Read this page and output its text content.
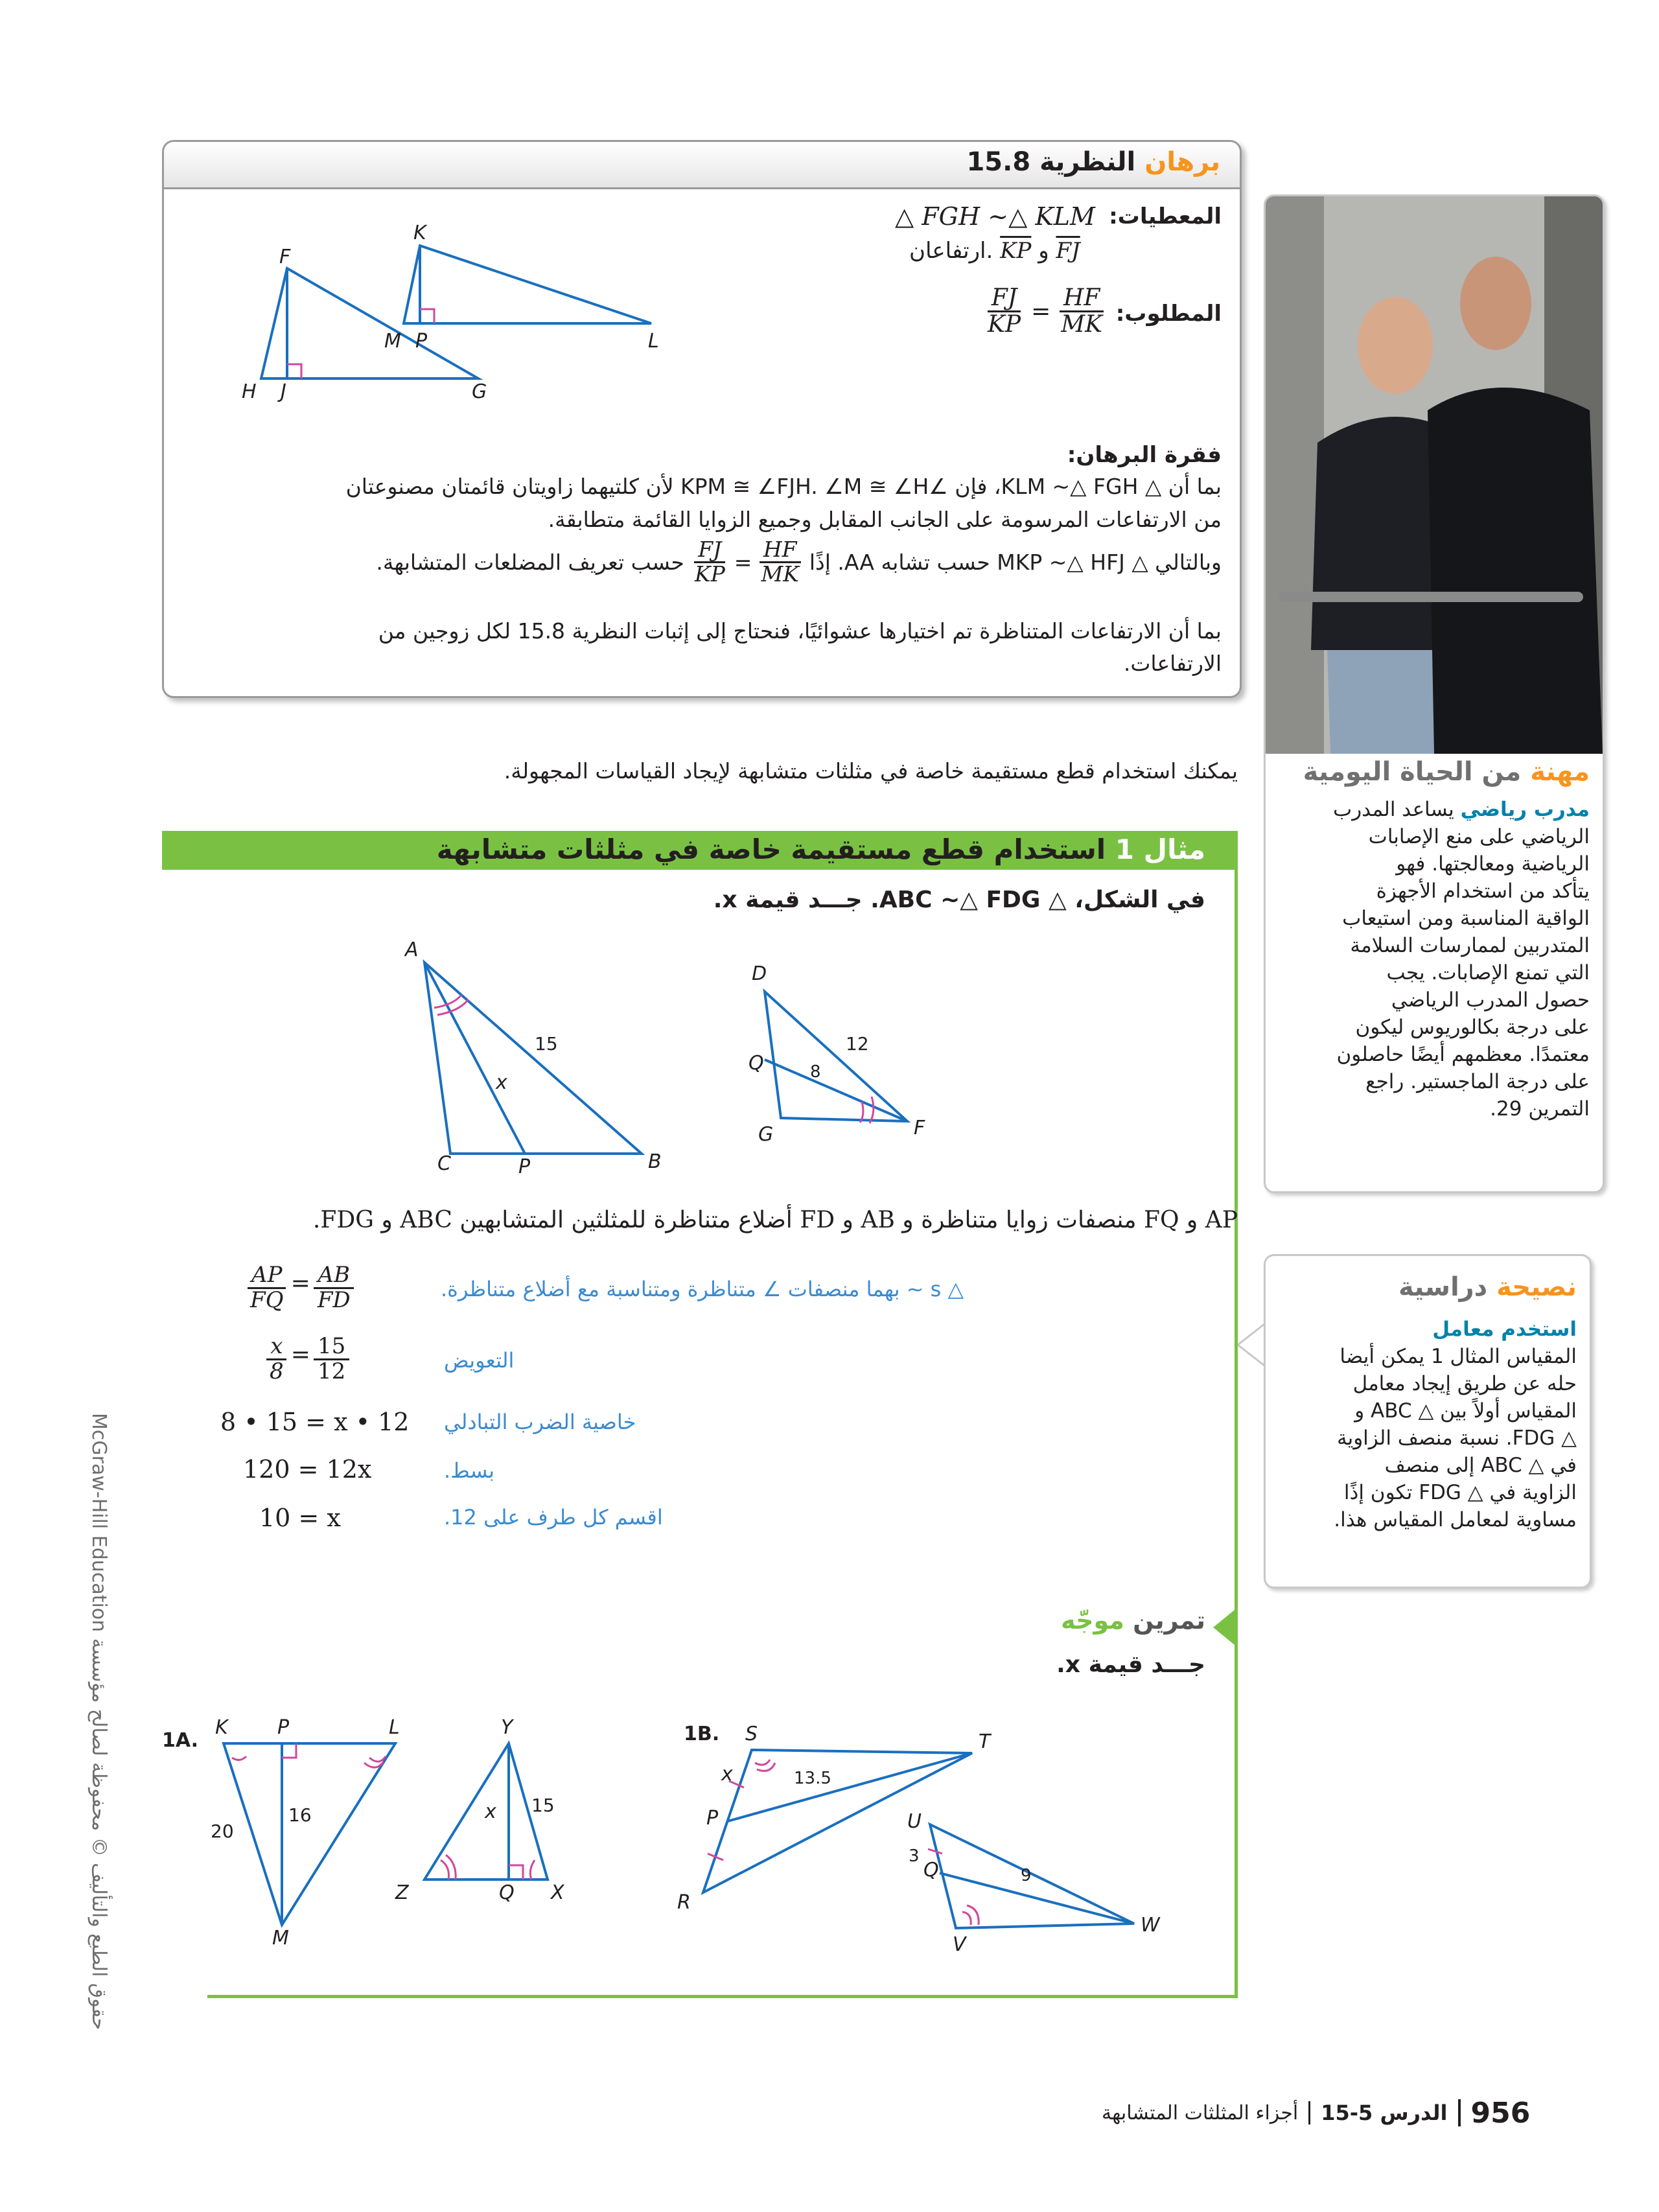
برهان النظرية 15.8
المعطيات:
△ FGH ~△ KLM
ارتفاعان. $\overline{KP}$ و $\overline{FJ}$
المطلوب:
$\frac{FJ}{KP} = \frac{HF}{MK}$
F
H J	G
K
M P	L
فقرة البرهان:
بما أن △ KLM ~△ FGH، فإن ∠KPM ≅ ∠FJH. ∠M ≅ ∠H لأن كلتيهما زاويتان قائمتان مصنوعتان
من الارتفاعات المرسومة على الجانب المقابل وجميع الزوايا القائمة متطابقة.
وبالتالي △ MKP ~△ HFJ حسب تشابه AA. إذًا
$\frac{FJ}{KP} = \frac{HF}{MK}$
حسب تعريف المضلعات المتشابهة.
بما أن الارتفاعات المتناظرة تم اختيارها عشوائيًا، فنحتاج إلى إثبات النظرية 15.8 لكل زوجين من
الارتفاعات.
مهنة من الحياة اليومية
مدرب رياضي يساعد المدرب
الرياضي على منع الإصابات
الرياضية ومعالجتها. فهو
يتأكد من استخدام الأجهزة
الواقية المناسبة ومن استيعاب
المتدربين لممارسات السلامة
التي تمنع الإصابات. يجب
حصول المدرب الرياضي
على درجة بكالوريوس ليكون
معتمدًا. معظمهم أيضًا حاصلون
على درجة الماجستير. راجع
التمرين 29.
يمكنك استخدام قطع مستقيمة خاصة في مثلثات متشابهة لإيجاد القياسات المجهولة.
مثال 1 استخدام قطع مستقيمة خاصة في مثلثات متشابهة
في الشكل، △ ABC ~△ FDG. جـــد قيمة x.
A
C	P	B
15
x
D
Q
G	F
12
8
AP و FQ منصفات زوايا متناظرة و AB و FD أضلاع متناظرة للمثلثين المتشابهين ABC و FDG.
$\frac{AP}{FQ} = \frac{AB}{FD}$	△ s ~ بهما منصفات ∠ متناظرة ومتناسبة مع أضلاع متناظرة.
$\frac{x}{8} = \frac{15}{12}$	التعويض
8 • 15 = x • 12 خاصية الضرب التبادلي
120 = 12x	بسط.
10 = x	اقسم كل طرف على 12.
نصيحة دراسية
استخدم معامل
المقياس المثال 1 يمكن أيضا
حله عن طريق إيجاد معامل
المقياس أولاً بين △ ABC و
△ FDG. نسبة منصف الزاوية
في △ ABC إلى منصف
الزاوية في △ FDG تكون إذًا
مساوية لمعامل المقياس هذا.
تمرين موجّه
جـــد قيمة x.
1A.
K	P	L
M
20
16
Y
Z	Q X
15
x
1B. S	T
P
R
x	13.5
U
Q
3
9
V
W
حقوق الطبع والتأليف © محفوظة لصالح مؤسسة McGraw-Hill Education
956
الدرس 5-15
أجزاء المثلثات المتشابهة
